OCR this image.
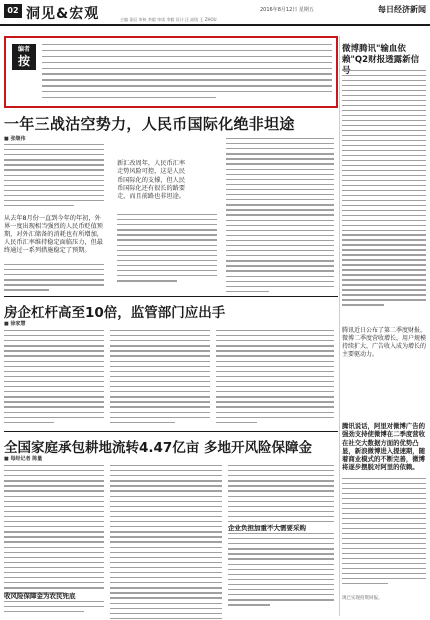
02 洞见&宏观	2016年8月12日 星期五	每日经济新闻
主编 姜辰 审核 李毅 审读 李毅 设计 汪 高级 王 ZHOU
编者
按
微博腾讯"输血依赖"Q2财报透露新信
腾讯近日公布了第二季度财报，微博二季度营收增长，用户规模持续扩大，广告收入成为增长的主要驱动力。
腾讯说话，阿里对微博广告的强劲支持使微博在二季度营收在社交大数据方面的优势凸显，新浪微博进入提速期，随着商业模式的不断完善，微博将逐步摆脱对阿里的依赖。
现已实现投资回报。
一年三战沽空势力，人民币国际化绝非坦途
■ 张继伟
从去年8月份一直到今年的年初，外界一度出现相当强烈的人民币贬值预期，对外汇储备的消耗也有所增加，人民币汇率维持稳定面临压力，但最终通过一系列措施稳定了预期。
新汇改周年，人民币汇率走势风险可控，这是人民币国际化的支撑，但人民币国际化还有很长的路要走，而且前路也非坦途。
房企杠杆高至10倍，监管部门应出手
■ 徐家慧
全国家庭承包耕地流转4.47亿亩 多地开风险保障金
■ 每经记者 陈量
收风险保障金为农民兜底
企业负担加重不大需要采购
